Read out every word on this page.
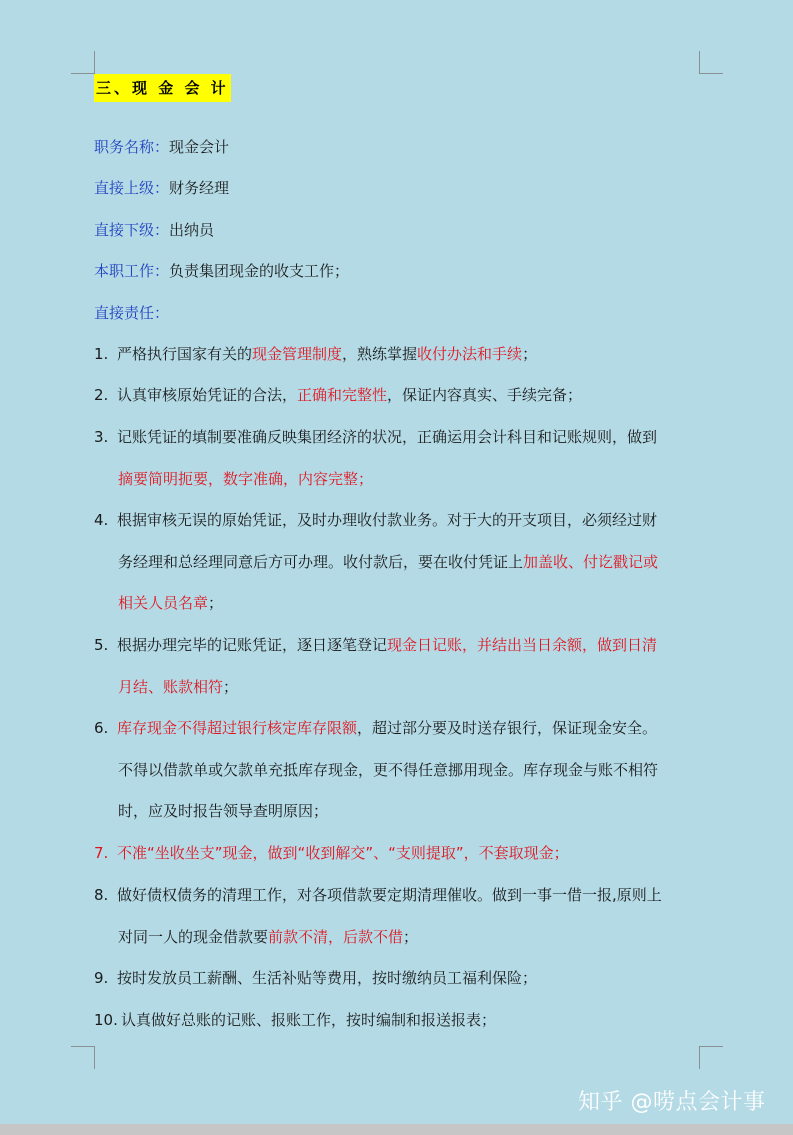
三、现 金 会 计
职务名称：现金会计
直接上级：财务经理
直接下级：出纳员
本职工作：负责集团现金的收支工作；
直接责任：
1. 严格执行国家有关的现金管理制度，熟练掌握收付办法和手续；
2. 认真审核原始凭证的合法，正确和完整性，保证内容真实、手续完备；
3. 记账凭证的填制要准确反映集团经济的状况，正确运用会计科目和记账规则，做到
摘要简明扼要，数字准确，内容完整；
4. 根据审核无误的原始凭证，及时办理收付款业务。对于大的开支项目，必须经过财
务经理和总经理同意后方可办理。收付款后，要在收付凭证上加盖收、付讫戳记或
相关人员名章；
5. 根据办理完毕的记账凭证，逐日逐笔登记现金日记账，并结出当日余额，做到日清
月结、账款相符；
6. 库存现金不得超过银行核定库存限额，超过部分要及时送存银行，保证现金安全。
不得以借款单或欠款单充抵库存现金，更不得任意挪用现金。库存现金与账不相符
时，应及时报告领导查明原因；
7. 不准“坐收坐支”现金，做到“收到解交”、“支则提取”，不套取现金；
8. 做好债权债务的清理工作，对各项借款要定期清理催收。做到一事一借一报,原则上
对同一人的现金借款要前款不清，后款不借；
9. 按时发放员工薪酬、生活补贴等费用，按时缴纳员工福利保险；
10. 认真做好总账的记账、报账工作，按时编制和报送报表；
知乎 @唠点会计事
